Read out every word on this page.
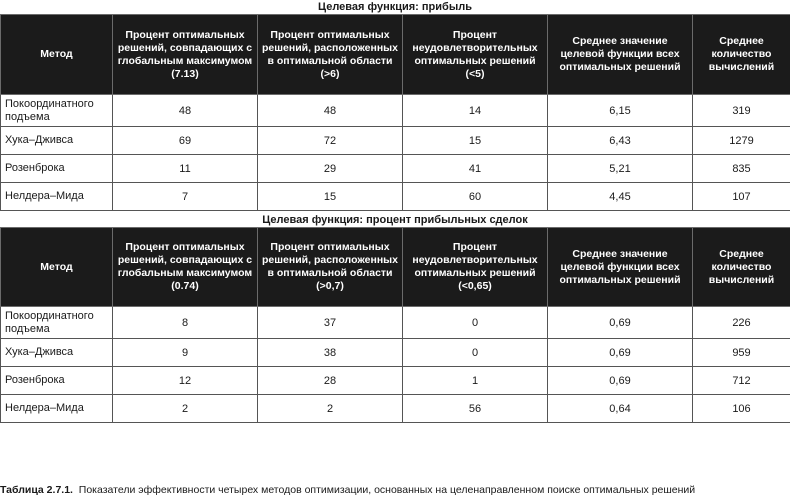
Целевая функция: прибыль
Метод	Процент оптимальных решений, совпадающих с глобальным максимумом (7.13)	Процент оптимальных решений, расположенных в оптимальной области (>6)	Процент неудовлетворительных оптимальных решений (<5)	Среднее значение целевой функции всех оптимальных решений	Среднее количество вычислений
Покоординатного подъема	48	48	14	6,15	319
Хука–Дживса	69	72	15	6,43	1279
Розенброка	11	29	41	5,21	835
Нелдера–Мида	7	15	60	4,45	107
Целевая функция: процент прибыльных сделок
Метод	Процент оптимальных решений, совпадающих с глобальным максимумом (0.74)	Процент оптимальных решений, расположенных в оптимальной области (>0,7)	Процент неудовлетворительных оптимальных решений (<0,65)	Среднее значение целевой функции всех оптимальных решений	Среднее количество вычислений
Покоординатного подъема	8	37	0	0,69	226
Хука–Дживса	9	38	0	0,69	959
Розенброка	12	28	1	0,69	712
Нелдера–Мида	2	2	56	0,64	106
Таблица 2.7.1. Показатели эффективности четырех методов оптимизации, основанных на целенаправленном поиске оптимальных решений
